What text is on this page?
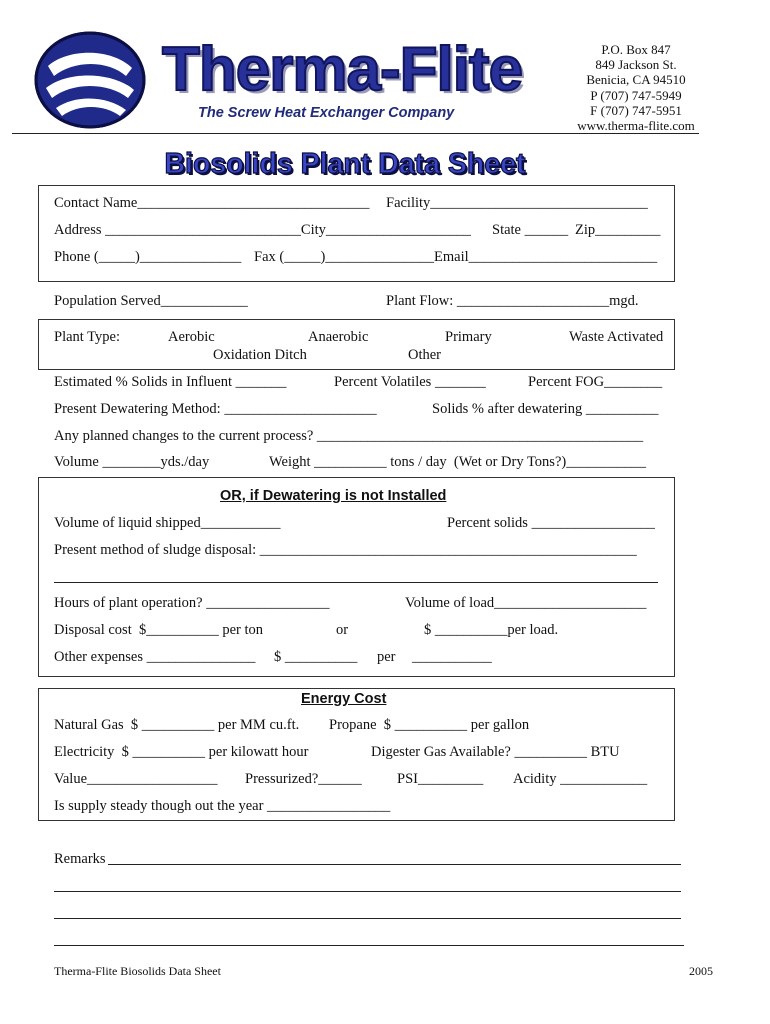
Therma-Flite
The Screw Heat Exchanger Company
P.O. Box 847
849 Jackson St.
Benicia, CA 94510
P (707) 747-5949
F (707) 747-5951
www.therma-flite.com
Biosolids Plant Data Sheet
Contact Name________________________________ Facility______________________________
Address ___________________________City____________________ State ______ Zip_________
Phone (_____)______________ Fax (_____)_______________Email__________________________
Population Served____________	Plant Flow: _____________________mgd.
Plant Type:	Aerobic	Anaerobic	Primary	Waste Activated
Oxidation Ditch	Other
Estimated % Solids in Influent _______	Percent Volatiles _______	Percent FOG________
Present Dewatering Method: _____________________	Solids % after dewatering __________
Any planned changes to the current process? _____________________________________________
Volume ________yds./day	Weight __________ tons / day  (Wet or Dry Tons?)___________
OR, if Dewatering is not Installed
Volume of liquid shipped___________	Percent solids _________________
Present method of sludge disposal: ____________________________________________________
Hours of plant operation? _________________	Volume of load_____________________
Disposal cost  $__________ per ton	or	$ __________per load.
Other expenses _______________ $ __________ per ___________
Energy Cost
Natural Gas  $ __________ per MM cu.ft. Propane  $ __________ per gallon
Electricity  $ __________ per kilowatt hour	Digester Gas Available? __________ BTU
Value__________________ Pressurized?______ PSI_________ Acidity ____________
Is supply steady though out the year _________________
Remarks
Therma-Flite Biosolids Data Sheet	2005
